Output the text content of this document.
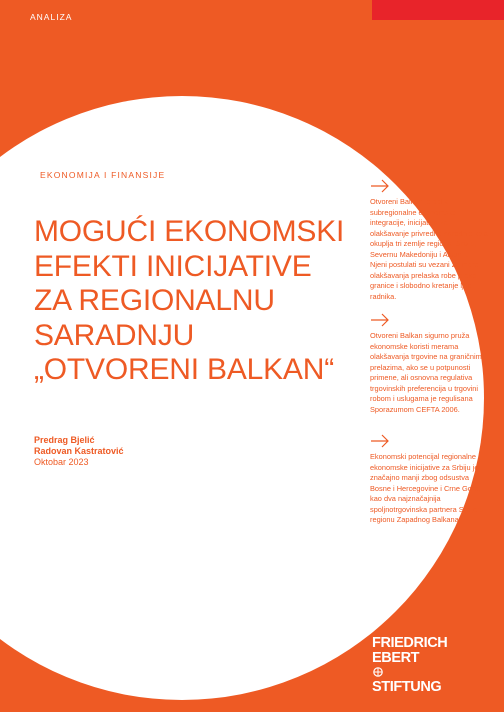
ANALIZA
EKONOMIJA I FINANSIJE
MOGUĆI EKONOMSKI
EFEKTI INICIJATIVE
ZA REGIONALNU
SARADNJU
„OTVORENI BALKAN“
Predrag Bjelić
Radovan Kastratović
Oktobar 2023

Otvoreni Balkan je oblik subregionalne ekonomske integracije, inicijativa za olakšavanje privredne saradnje koja okuplja tri zemlje regiona: Srbiju, Severnu Makedoniju i Albaniju. Njeni postulati su vezani za mere olakšavanja prelaska robe preko granice i slobodno kretanje ljudi i radnika.

Otvoreni Balkan sigurno pruža ekonomske koristi merama olakšavanja trgovine na graničnim prelazima, ako se u potpunosti primene, ali osnovna regulativa trgovinskih preferencija u trgovini robom i uslugama je regulisana Sporazumom CEFTA 2006.

Ekonomski potencijal regionalne ekonomske inicijative za Srbiju je značajno manji zbog odsustva Bosne i Hercegovine i Crne Gore, kao dva najznačajnija spoljnotrgovinska partnera Srbije u regionu Zapadnog Balkana.

FRIEDRICH
EBERT
STIFTUNG
